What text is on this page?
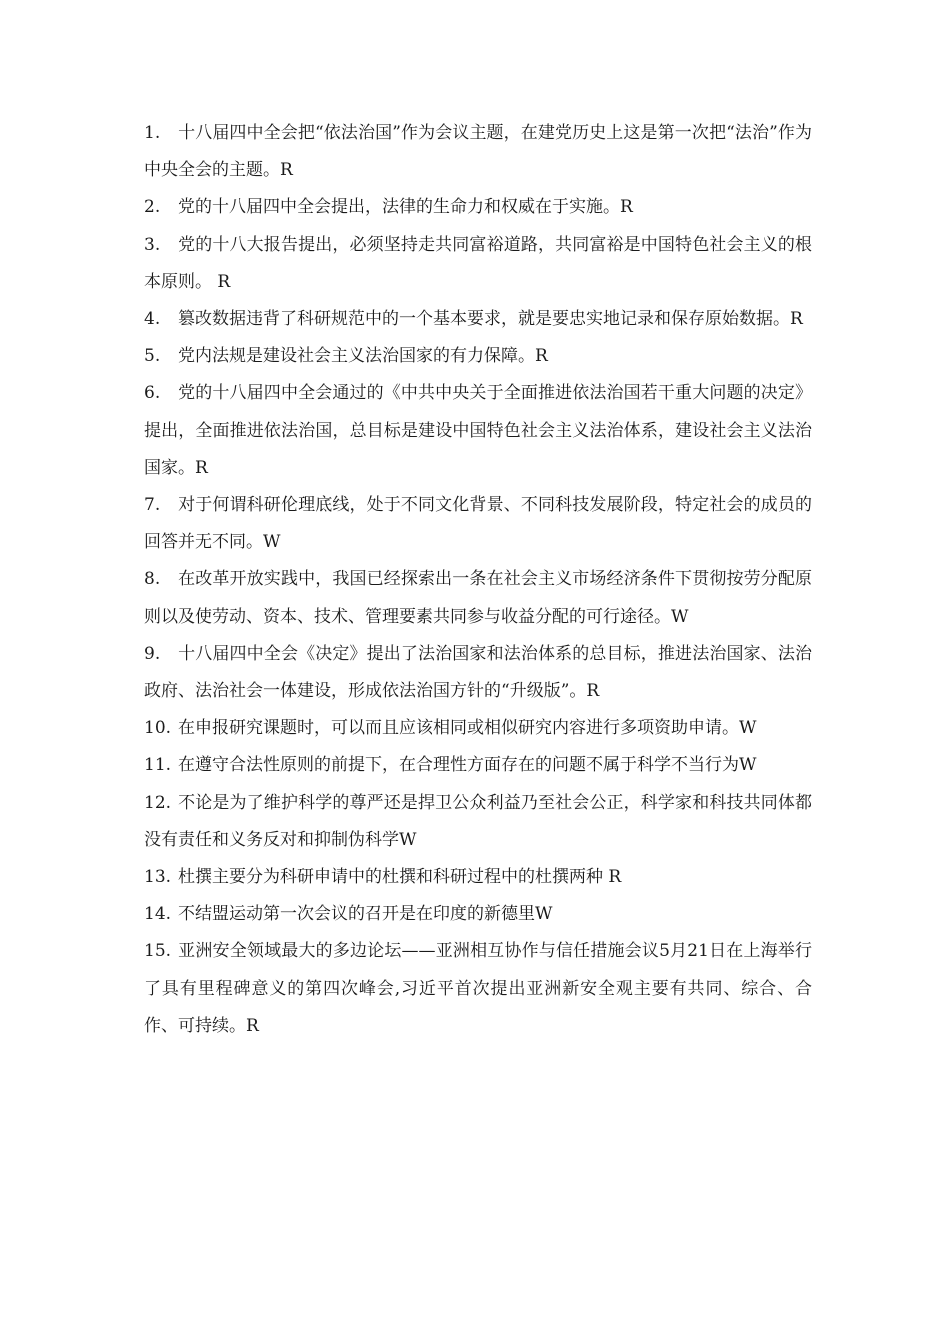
1. 十八届四中全会把“依法治国”作为会议主题，在建党历史上这是第一次把“法治”作为中央全会的主题。R

2. 党的十八届四中全会提出，法律的生命力和权威在于实施。R

3. 党的十八大报告提出，必须坚持走共同富裕道路，共同富裕是中国特色社会主义的根本原则。 R

4. 篡改数据违背了科研规范中的一个基本要求，就是要忠实地记录和保存原始数据。R

5. 党内法规是建设社会主义法治国家的有力保障。R

6. 党的十八届四中全会通过的《中共中央关于全面推进依法治国若干重大问题的决定》提出，全面推进依法治国，总目标是建设中国特色社会主义法治体系，建设社会主义法治国家。R

7. 对于何谓科研伦理底线，处于不同文化背景、不同科技发展阶段，特定社会的成员的回答并无不同。W

8. 在改革开放实践中，我国已经探索出一条在社会主义市场经济条件下贯彻按劳分配原则以及使劳动、资本、技术、管理要素共同参与收益分配的可行途径。W

9. 十八届四中全会《决定》提出了法治国家和法治体系的总目标，推进法治国家、法治政府、法治社会一体建设，形成依法治国方针的“升级版”。R

10. 在申报研究课题时，可以而且应该相同或相似研究内容进行多项资助申请。W

11. 在遵守合法性原则的前提下，在合理性方面存在的问题不属于科学不当行为W

12. 不论是为了维护科学的尊严还是捍卫公众利益乃至社会公正，科学家和科技共同体都没有责任和义务反对和抑制伪科学W

13. 杜撰主要分为科研申请中的杜撰和科研过程中的杜撰两种 R

14. 不结盟运动第一次会议的召开是在印度的新德里W

15. 亚洲安全领域最大的多边论坛——亚洲相互协作与信任措施会议5月21日在上海举行了具有里程碑意义的第四次峰会,习近平首次提出亚洲新安全观主要有共同、综合、合作、可持续。R
